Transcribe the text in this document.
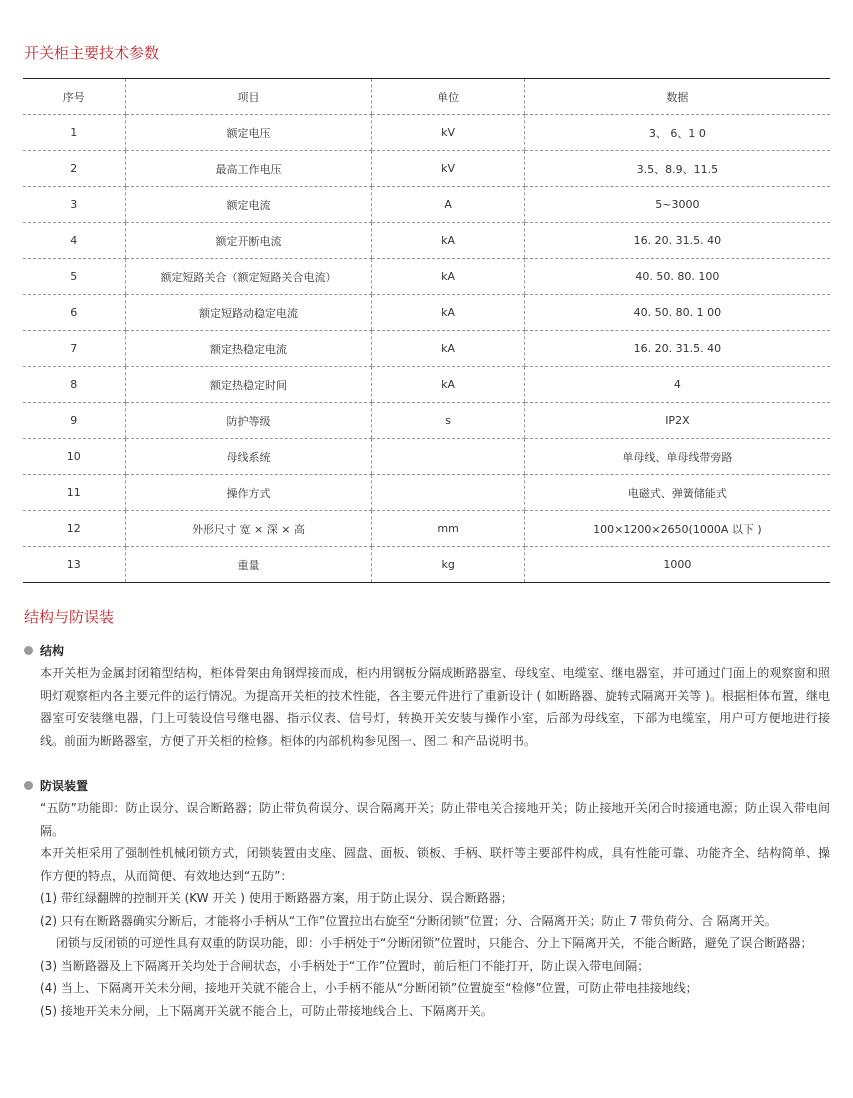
开关柜主要技术参数
序号	项目	单位	数据
1	额定电压	kV	3、 6、1 0
2	最高工作电压	kV	3.5、8.9、11.5
3	额定电流	A	5~3000
4	额定开断电流	kA	16. 20. 31.5. 40
5	额定短路关合（额定短路关合电流）	kA	40. 50. 80. 100
6	额定短路动稳定电流	kA	40. 50. 80. 1 00
7	额定热稳定电流	kA	16. 20. 31.5. 40
8	额定热稳定时间	kA	4
9	防护等级	s	IP2X
10	母线系统		单母线、单母线带旁路
11	操作方式		电磁式、弹簧储能式
12	外形尺寸 宽 × 深 × 高	mm	100×1200×2650(1000A 以下 )
13	重量	kg	1000
结构与防误装
结构

本开关柜为金属封闭箱型结构，柜体骨架由角钢焊接而成，柜内用钢板分隔成断路器室、母线室、电缆室、继电器室，并可通过门面上的观察窗和照明灯观察柜内各主要元件的运行情况。为提高开关柜的技术性能，各主要元件进行了重新设计 ( 如断路器、旋转式隔离开关等 )。根据柜体布置，继电器室可安装继电器，门上可装设信号继电器、指示仪表、信号灯，转换开关安装与操作小室，后部为母线室，下部为电缆室，用户可方便地进行接线。前面为断路器室，方便了开关柜的检修。柜体的内部机构参见图一、图二 和产品说明书。

防误装置

“五防”功能即：防止误分、误合断路器；防止带负荷误分、误合隔离开关；防止带电关合接地开关；防止接地开关闭合时接通电源；防止误入带电间隔。

本开关柜采用了强制性机械闭锁方式，闭锁装置由支座、圆盘、面板、锁板、手柄、联杆等主要部件构成，具有性能可靠、功能齐全、结构简单、操作方便的特点，从而简便、有效地达到“五防”：

(1) 带红绿翻牌的控制开关 (KW 开关 ) 使用于断路器方案，用于防止误分、误合断路器；

(2) 只有在断路器确实分断后，才能将小手柄从“工作”位置拉出右旋至“分断闭锁”位置；分、合隔离开关；防止 7 带负荷分、合 隔离开关。

闭锁与反闭锁的可逆性具有双重的防误功能，即：小手柄处于“分断闭锁”位置时，只能合、分上下隔离开关，不能合断路，避免了误合断路器；

(3) 当断路器及上下隔离开关均处于合闸状态，小手柄处于“工作”位置时，前后柜门不能打开，防止误入带电间隔；

(4) 当上、下隔离开关未分闸，接地开关就不能合上，小手柄不能从“分断闭锁”位置旋至“检修”位置，可防止带电挂接地线；

(5) 接地开关未分闸，上下隔离开关就不能合上，可防止带接地线合上、下隔离开关。
